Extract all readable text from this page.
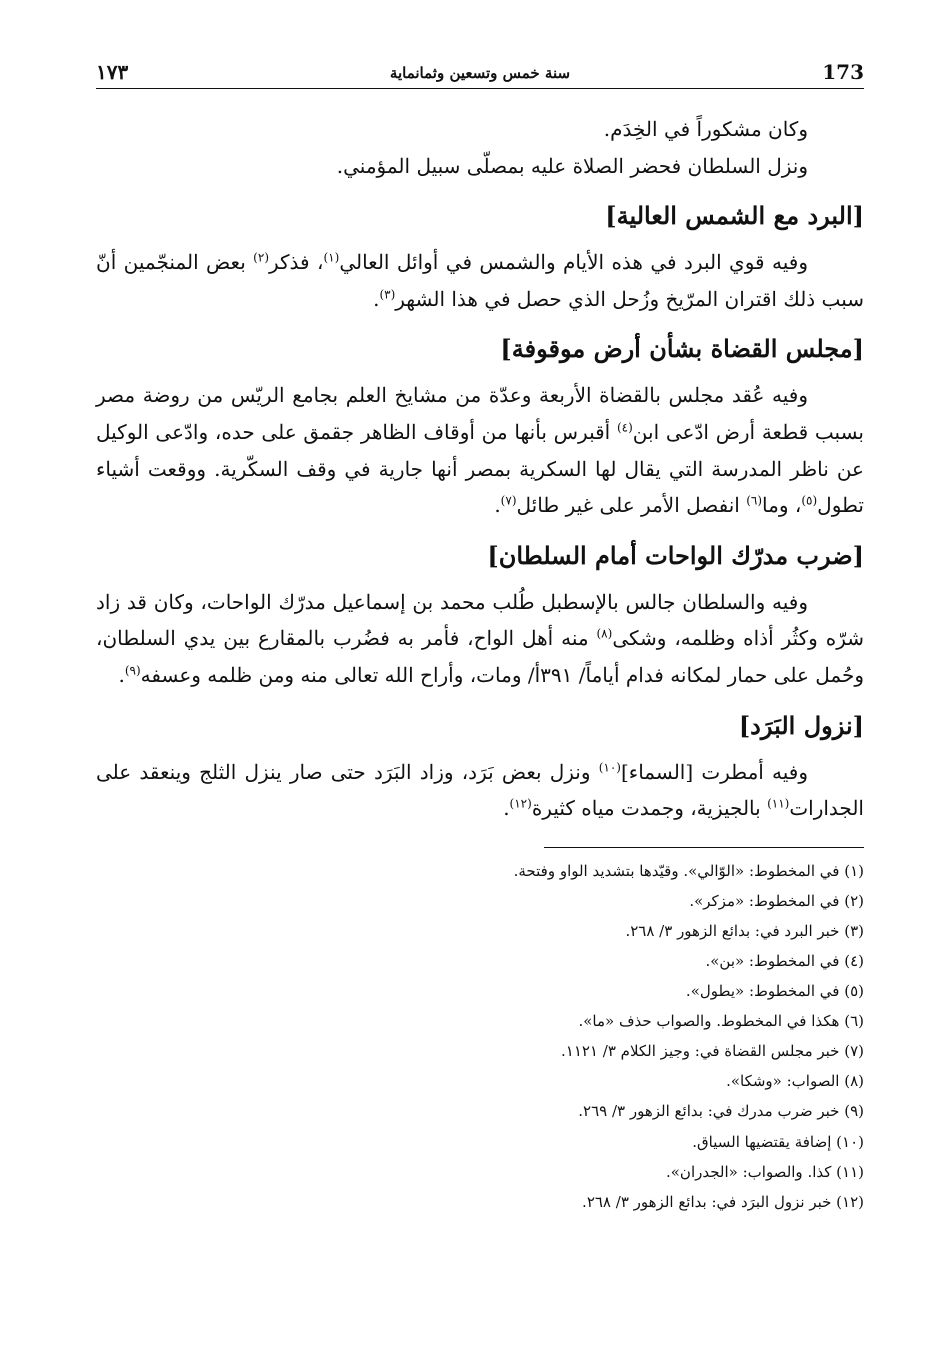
173
سنة خمس وتسعين وثمانماية
١٧٣

وكان مشكوراً في الخِدَم.

ونزل السلطان فحضر الصلاة عليه بمصلّى سبيل المؤمني.

[البرد مع الشمس العالية]

وفيه قوي البرد في هذه الأيام والشمس في أوائل العالي$^{(١)}$، فذكر$^{(٢)}$ بعض المنجّمين أنّ سبب ذلك اقتران المرّيخ وزُحل الذي حصل في هذا الشهر$^{(٣)}$.

[مجلس القضاة بشأن أرض موقوفة]

وفيه عُقد مجلس بالقضاة الأربعة وعدّة من مشايخ العلم بجامع الريّس من روضة مصر بسبب قطعة أرض ادّعى ابن$^{(٤)}$ أقبرس بأنها من أوقاف الظاهر جقمق على حده، وادّعى الوكيل عن ناظر المدرسة التي يقال لها السكرية بمصر أنها جارية في وقف السكّرية. ووقعت أشياء تطول$^{(٥)}$، وما$^{(٦)}$ انفصل الأمر على غير طائل$^{(٧)}$.

[ضرب مدرّك الواحات أمام السلطان]

وفيه والسلطان جالس بالإسطبل طُلب محمد بن إسماعيل مدرّك الواحات، وكان قد زاد شرّه وكثُر أذاه وظلمه، وشكى$^{(٨)}$ منه أهل الواح، فأمر به فضُرب بالمقارع بين يدي السلطان، وحُمل على حمار لمكانه فدام أياماً/ ٣٩١أ/ ومات، وأراح الله تعالى منه ومن ظلمه وعسفه$^{(٩)}$.

[نزول البَرَد]

وفيه أمطرت [السماء]$^{(١٠)}$ ونزل بعض بَرَد، وزاد البَرَد حتى صار ينزل الثلج وينعقد على الجدارات$^{(١١)}$ بالجيزية، وجمدت مياه كثيرة$^{(١٢)}$.

(١) في المخطوط: «الوّالي». وقيّدها بتشديد الواو وفتحة.
(٢) في المخطوط: «مزكر».
(٣) خبر البرد في: بدائع الزهور ٣/ ٢٦٨.
(٤) في المخطوط: «بن».
(٥) في المخطوط: «يطول».
(٦) هكذا في المخطوط. والصواب حذف «ما».
(٧) خبر مجلس القضاة في: وجيز الكلام ٣/ ١١٢١.
(٨) الصواب: «وشكا».
(٩) خبر ضرب مدرك في: بدائع الزهور ٣/ ٢٦٩.
(١٠) إضافة يقتضيها السياق.
(١١) كذا. والصواب: «الجدران».
(١٢) خبر نزول البرَد في: بدائع الزهور ٣/ ٢٦٨.
